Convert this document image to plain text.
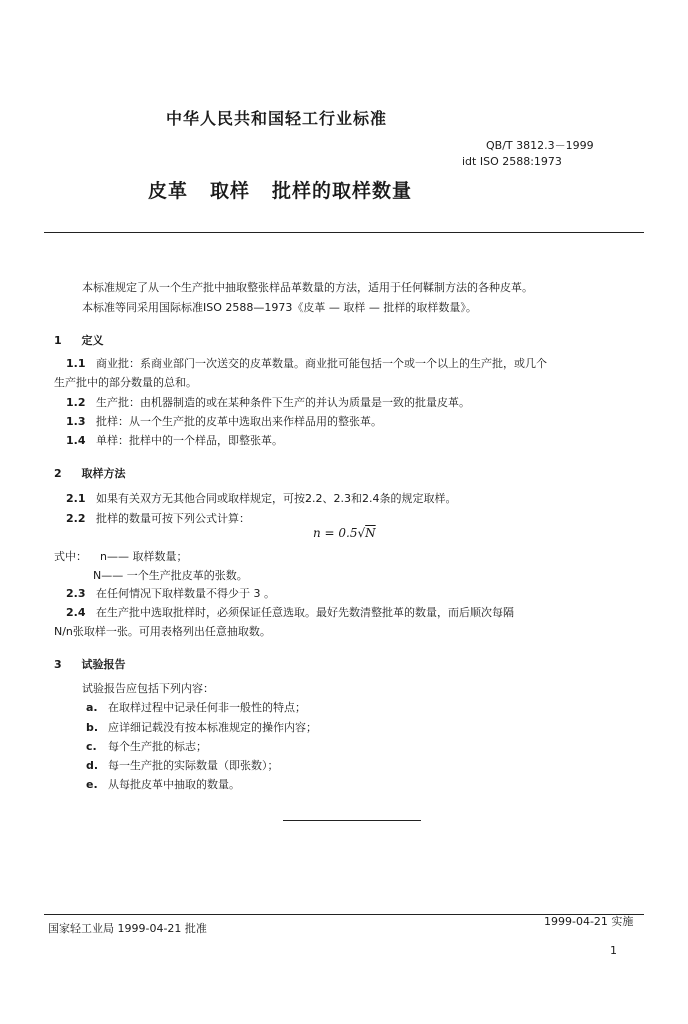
中华人民共和国轻工行业标准
QB/T 3812.3－1999
idt ISO 2588:1973
皮革 取样 批样的取样数量
本标准规定了从一个生产批中抽取整张样品革数量的方法，适用于任何鞣制方法的各种皮革。
本标准等同采用国际标准ISO 2588—1973《皮革 — 取样 — 批样的取样数量》。
1 定义
1.1 商业批：系商业部门一次送交的皮革数量。商业批可能包括一个或一个以上的生产批，或几个
生产批中的部分数量的总和。
1.2 生产批：由机器制造的或在某种条件下生产的并认为质量是一致的批量皮革。
1.3 批样：从一个生产批的皮革中选取出来作样品用的整张革。
1.4 单样：批样中的一个样品，即整张革。
2 取样方法
2.1 如果有关双方无其他合同或取样规定，可按2.2、2.3和2.4条的规定取样。
2.2 批样的数量可按下列公式计算：
n = 0.5√N
式中： n—— 取样数量；
N—— 一个生产批皮革的张数。
2.3 在任何情况下取样数量不得少于 3 。
2.4 在生产批中选取批样时，必须保证任意选取。最好先数清整批革的数量，而后顺次每隔
N/n张取样一张。可用表格列出任意抽取数。
3 试验报告
试验报告应包括下列内容：
a. 在取样过程中记录任何非一般性的特点；
b. 应详细记载没有按本标准规定的操作内容；
c. 每个生产批的标志；
d. 每一生产批的实际数量（即张数）；
e. 从每批皮革中抽取的数量。
国家轻工业局 1999-04-21 批准
1999-04-21 实施
1
